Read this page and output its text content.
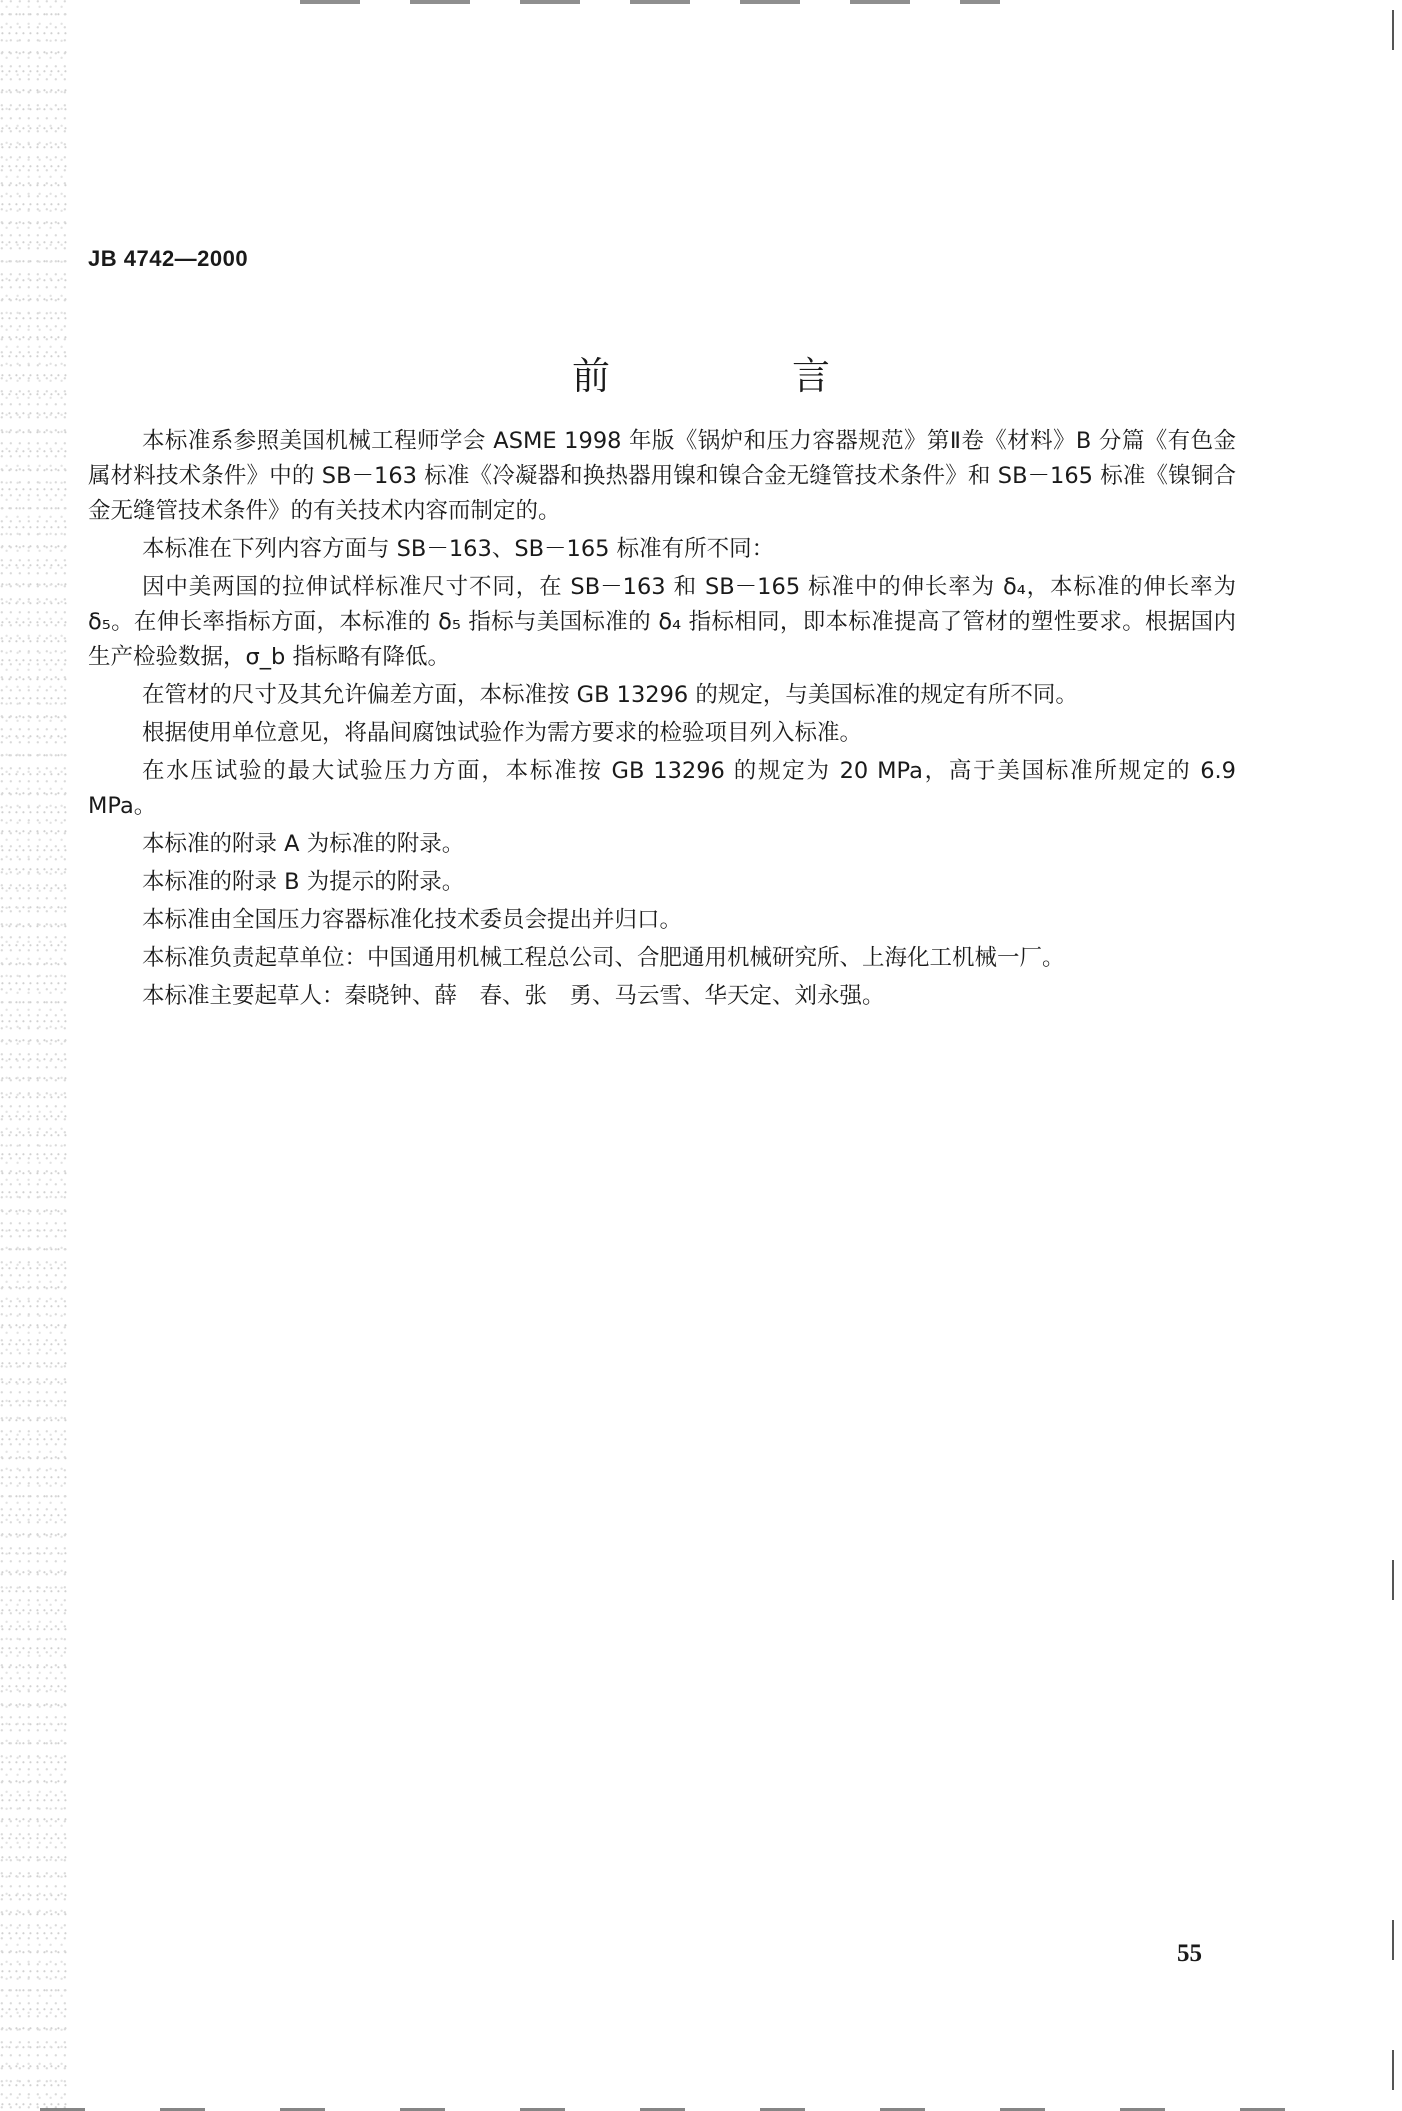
JB 4742—2000
前　言

本标准系参照美国机械工程师学会 ASME 1998 年版《锅炉和压力容器规范》第Ⅱ卷《材料》B 分篇《有色金属材料技术条件》中的 SB－163 标准《冷凝器和换热器用镍和镍合金无缝管技术条件》和 SB－165 标准《镍铜合金无缝管技术条件》的有关技术内容而制定的。

本标准在下列内容方面与 SB－163、SB－165 标准有所不同：

因中美两国的拉伸试样标准尺寸不同，在 SB－163 和 SB－165 标准中的伸长率为 δ₄，本标准的伸长率为 δ₅。在伸长率指标方面，本标准的 δ₅ 指标与美国标准的 δ₄ 指标相同，即本标准提高了管材的塑性要求。根据国内生产检验数据，σ_b 指标略有降低。

在管材的尺寸及其允许偏差方面，本标准按 GB 13296 的规定，与美国标准的规定有所不同。

根据使用单位意见，将晶间腐蚀试验作为需方要求的检验项目列入标准。

在水压试验的最大试验压力方面，本标准按 GB 13296 的规定为 20 MPa，高于美国标准所规定的 6.9 MPa。

本标准的附录 A 为标准的附录。

本标准的附录 B 为提示的附录。

本标准由全国压力容器标准化技术委员会提出并归口。

本标准负责起草单位：中国通用机械工程总公司、合肥通用机械研究所、上海化工机械一厂。

本标准主要起草人：秦晓钟、薛　春、张　勇、马云雪、华天定、刘永强。

55
